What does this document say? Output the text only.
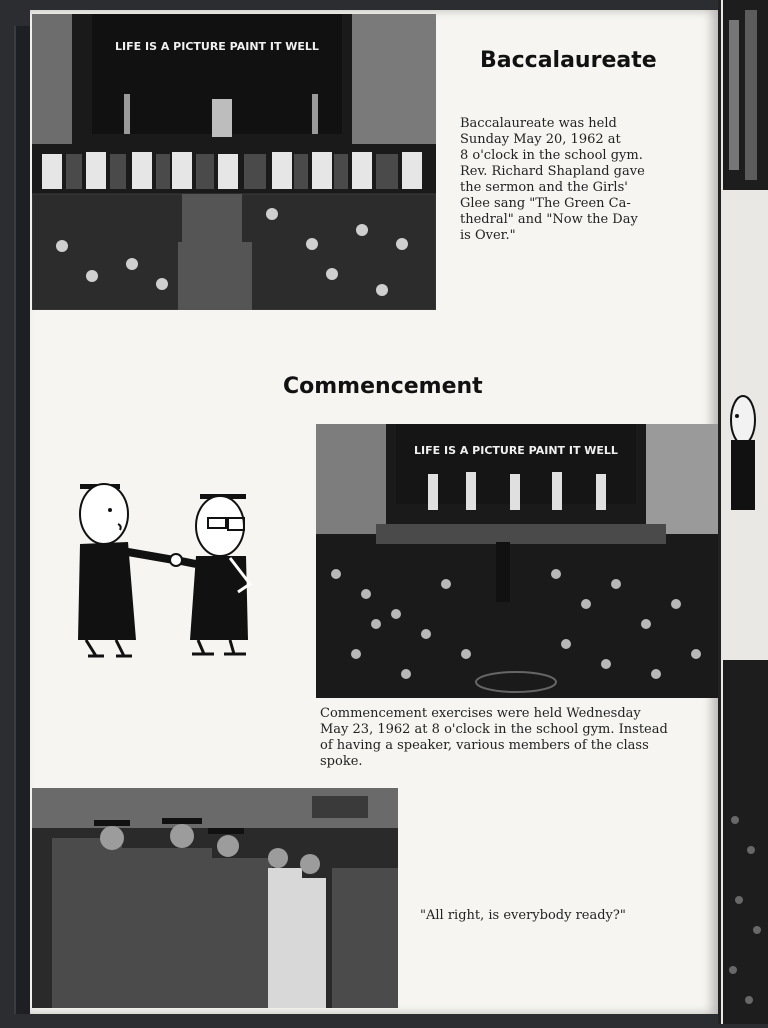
LIFE IS A PICTURE PAINT IT WELL
Baccalaureate

Baccalaureate was held
Sunday May 20, 1962 at
8 o'clock in the school gym.
Rev. Richard Shapland gave
the sermon and the Girls'
Glee sang "The Green Ca-
thedral" and "Now the Day
is Over."

Commencement
LIFE IS A PICTURE PAINT IT WELL

Commencement exercises were held Wednesday
May 23, 1962 at 8 o'clock in the school gym. Instead
of having a speaker, various members of the class
spoke.

"All right, is everybody ready?"
